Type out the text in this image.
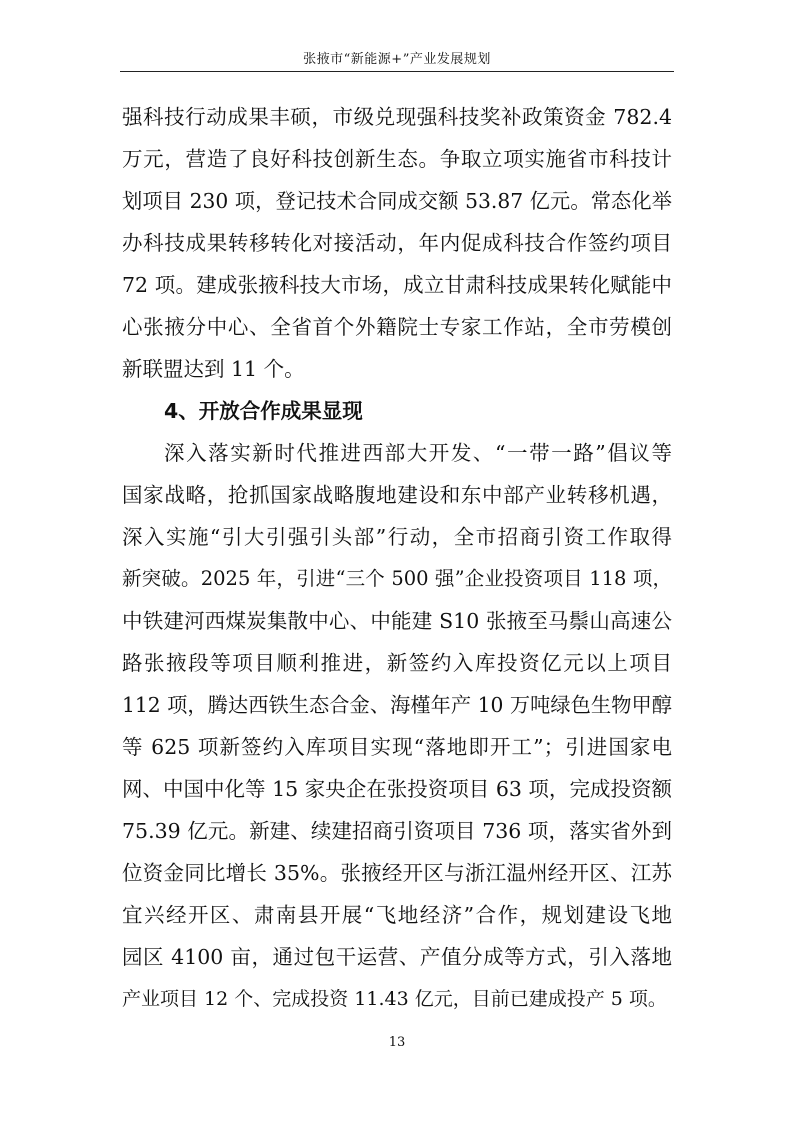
张掖市“新能源+”产业发展规划
强科技行动成果丰硕，市级兑现强科技奖补政策资金 782.4
万元，营造了良好科技创新生态。争取立项实施省市科技计
划项目 230 项，登记技术合同成交额 53.87 亿元。常态化举
办科技成果转移转化对接活动，年内促成科技合作签约项目
72 项。建成张掖科技大市场，成立甘肃科技成果转化赋能中
心张掖分中心、全省首个外籍院士专家工作站，全市劳模创
新联盟达到 11 个。
4、开放合作成果显现
深入落实新时代推进西部大开发、“一带一路”倡议等
国家战略，抢抓国家战略腹地建设和东中部产业转移机遇，
深入实施“引大引强引头部”行动，全市招商引资工作取得
新突破。2025 年，引进“三个 500 强”企业投资项目 118 项，
中铁建河西煤炭集散中心、中能建 S10 张掖至马鬃山高速公
路张掖段等项目顺利推进，新签约入库投资亿元以上项目
112 项，腾达西铁生态合金、海槿年产 10 万吨绿色生物甲醇
等 625 项新签约入库项目实现“落地即开工”；引进国家电
网、中国中化等 15 家央企在张投资项目 63 项，完成投资额
75.39 亿元。新建、续建招商引资项目 736 项，落实省外到
位资金同比增长 35%。张掖经开区与浙江温州经开区、江苏
宜兴经开区、肃南县开展“飞地经济”合作，规划建设飞地
园区 4100 亩，通过包干运营、产值分成等方式，引入落地
产业项目 12 个、完成投资 11.43 亿元，目前已建成投产 5 项。
13
